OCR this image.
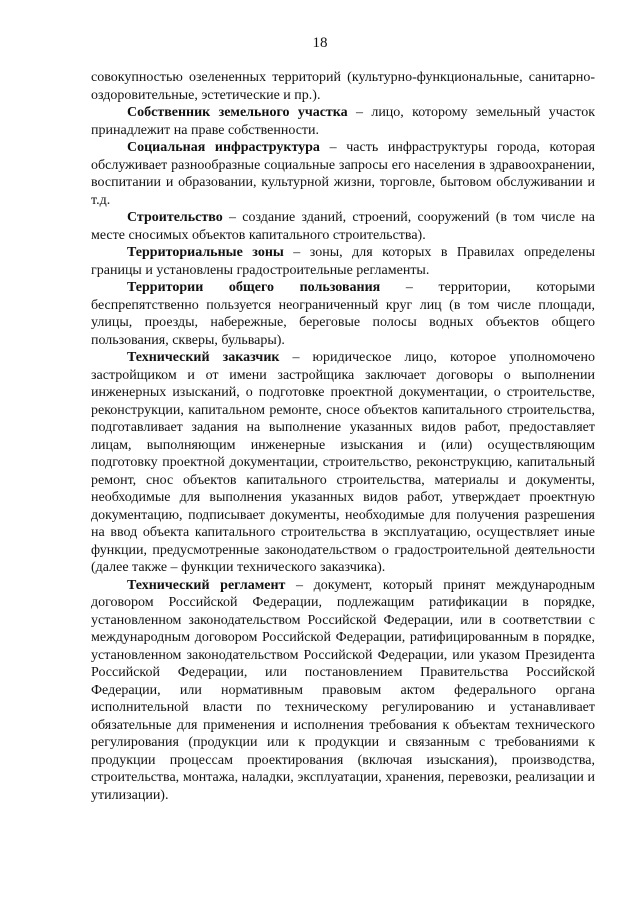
18

совокупностью озелененных территорий (культурно-функциональные, санитарно-оздоровительные, эстетические и пр.).

Собственник земельного участка – лицо, которому земельный участок принадлежит на праве собственности.

Социальная инфраструктура – часть инфраструктуры города, которая обслуживает разнообразные социальные запросы его населения в здравоохранении, воспитании и образовании, культурной жизни, торговле, бытовом обслуживании и т.д.

Строительство – создание зданий, строений, сооружений (в том числе на месте сносимых объектов капитального строительства).

Территориальные зоны – зоны, для которых в Правилах определены границы и установлены градостроительные регламенты.

Территории общего пользования – территории, которыми беспрепятственно пользуется неограниченный круг лиц (в том числе площади, улицы, проезды, набережные, береговые полосы водных объектов общего пользования, скверы, бульвары).

Технический заказчик – юридическое лицо, которое уполномочено застройщиком и от имени застройщика заключает договоры о выполнении инженерных изысканий, о подготовке проектной документации, о строительстве, реконструкции, капитальном ремонте, сносе объектов капитального строительства, подготавливает задания на выполнение указанных видов работ, предоставляет лицам, выполняющим инженерные изыскания и (или) осуществляющим подготовку проектной документации, строительство, реконструкцию, капитальный ремонт, снос объектов капитального строительства, материалы и документы, необходимые для выполнения указанных видов работ, утверждает проектную документацию, подписывает документы, необходимые для получения разрешения на ввод объекта капитального строительства в эксплуатацию, осуществляет иные функции, предусмотренные законодательством о градостроительной деятельности (далее также – функции технического заказчика).

Технический регламент – документ, который принят международным договором Российской Федерации, подлежащим ратификации в порядке, установленном законодательством Российской Федерации, или в соответствии с международным договором Российской Федерации, ратифицированным в порядке, установленном законодательством Российской Федерации, или указом Президента Российской Федерации, или постановлением Правительства Российской Федерации, или нормативным правовым актом федерального органа исполнительной власти по техническому регулированию и устанавливает обязательные для применения и исполнения требования к объектам технического регулирования (продукции или к продукции и связанным с требованиями к продукции процессам проектирования (включая изыскания), производства, строительства, монтажа, наладки, эксплуатации, хранения, перевозки, реализации и утилизации).
